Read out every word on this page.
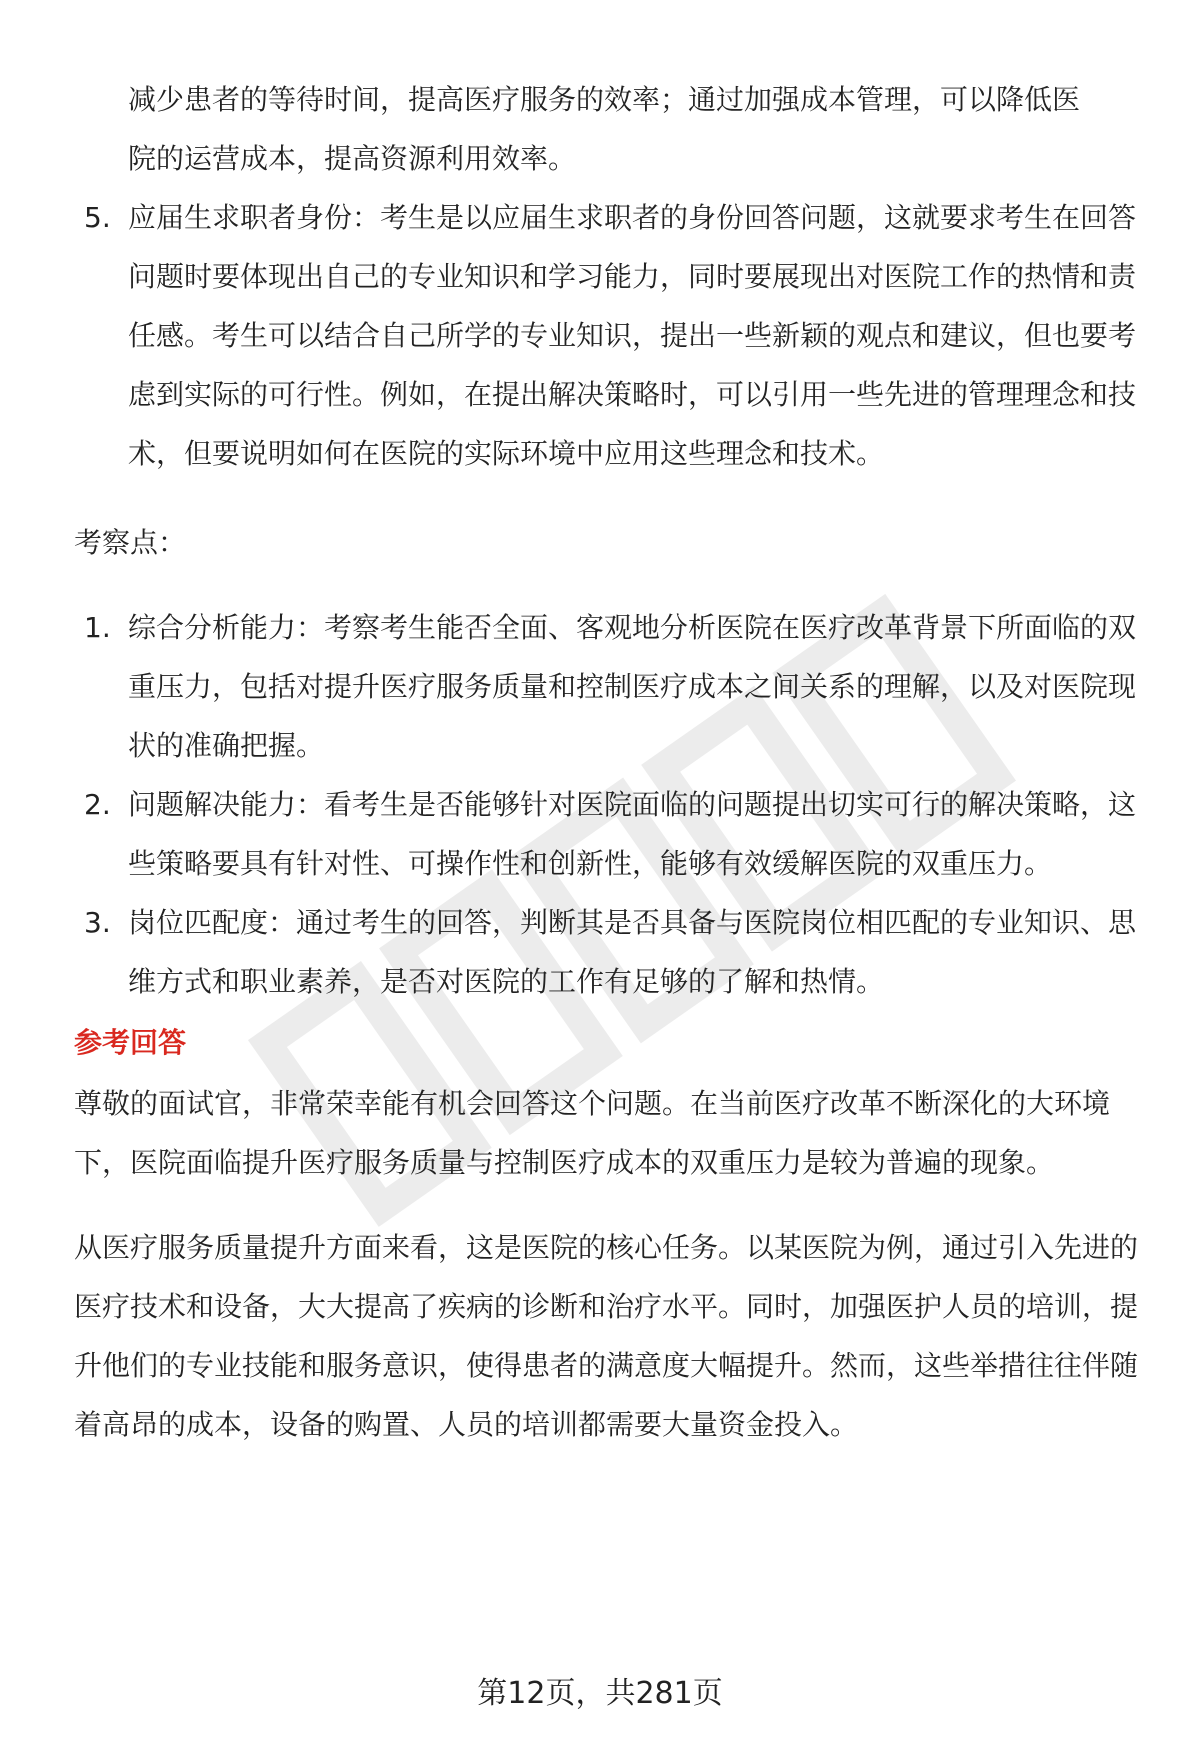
减少患者的等待时间，提高医疗服务的效率；通过加强成本管理，可以降低医

院的运营成本，提高资源利用效率。

5. 应届生求职者身份：考生是以应届生求职者的身份回答问题，这就要求考生在回答问题时要体现出自己的专业知识和学习能力，同时要展现出对医院工作的热情和责任感。考生可以结合自己所学的专业知识，提出一些新颖的观点和建议，但也要考虑到实际的可行性。例如，在提出解决策略时，可以引用一些先进的管理理念和技术，但要说明如何在医院的实际环境中应用这些理念和技术。

考察点：

1. 综合分析能力：考察考生能否全面、客观地分析医院在医疗改革背景下所面临的双重压力，包括对提升医疗服务质量和控制医疗成本之间关系的理解，以及对医院现状的准确把握。
2. 问题解决能力：看考生是否能够针对医院面临的问题提出切实可行的解决策略，这些策略要具有针对性、可操作性和创新性，能够有效缓解医院的双重压力。
3. 岗位匹配度：通过考生的回答，判断其是否具备与医院岗位相匹配的专业知识、思维方式和职业素养，是否对医院的工作有足够的了解和热情。

参考回答

尊敬的面试官，非常荣幸能有机会回答这个问题。在当前医疗改革不断深化的大环境下，医院面临提升医疗服务质量与控制医疗成本的双重压力是较为普遍的现象。

从医疗服务质量提升方面来看，这是医院的核心任务。以某医院为例，通过引入先进的医疗技术和设备，大大提高了疾病的诊断和治疗水平。同时，加强医护人员的培训，提升他们的专业技能和服务意识，使得患者的满意度大幅提升。然而，这些举措往往伴随着高昂的成本，设备的购置、人员的培训都需要大量资金投入。

第12页，共281页
